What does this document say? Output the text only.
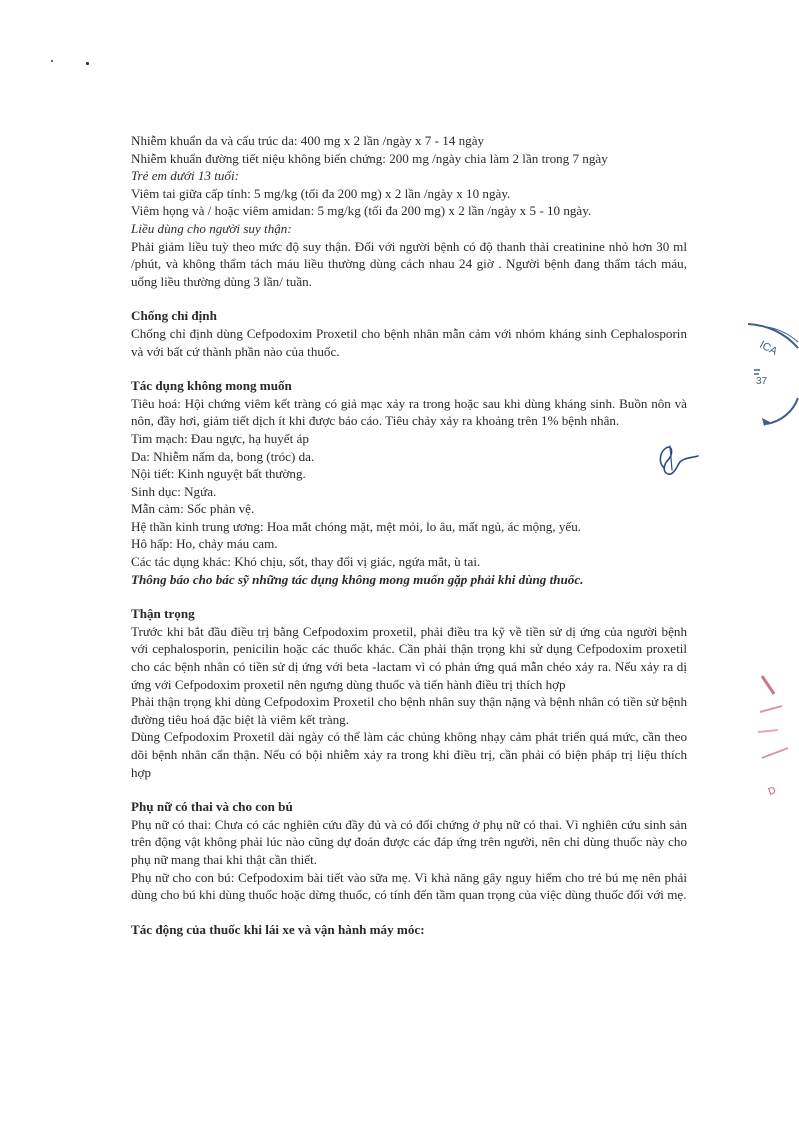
Nhiễm khuẩn da và cấu trúc da: 400 mg x 2 lần /ngày x 7 - 14 ngày

Nhiễm khuẩn đường tiết niệu không biến chứng: 200 mg /ngày chia làm 2 lần trong 7 ngày

Trẻ em dưới 13 tuổi:

Viêm tai giữa cấp tính: 5 mg/kg (tối đa 200 mg) x 2 lần /ngày x 10 ngày.

Viêm họng và / hoặc viêm amidan: 5 mg/kg (tối đa 200 mg) x 2 lần /ngày x 5 - 10 ngày.

Liều dùng cho người suy thận:

Phải giảm liều tuỳ theo mức độ suy thận. Đối với người bệnh có độ thanh thải creatinine nhỏ hơn 30 ml /phút, và không thẩm tách máu liều thường dùng cách nhau 24 giờ . Người bệnh đang thẩm tách máu, uống liều thường dùng 3 lần/ tuần.

Chống chỉ định

Chống chỉ định dùng Cefpodoxim Proxetil cho bệnh nhân mẫn cảm với nhóm kháng sinh Cephalosporin và với bất cứ thành phần nào của thuốc.

Tác dụng không mong muốn

Tiêu hoá: Hội chứng viêm kết tràng có giả mạc xảy ra trong hoặc sau khi dùng kháng sinh. Buồn nôn và nôn, đầy hơi, giảm tiết dịch ít khi được báo cáo. Tiêu chảy xảy ra khoảng trên 1% bệnh nhân.

Tim mạch: Đau ngực, hạ huyết áp

Da: Nhiễm nấm da, bong (tróc) da.

Nội tiết: Kinh nguyệt bất thường.

Sinh dục: Ngứa.

Mẫn cảm: Sốc phản vệ.

Hệ thần kinh trung ương: Hoa mắt chóng mặt, mệt mỏi, lo âu, mất ngủ, ác mộng, yếu.

Hô hấp: Ho, chảy máu cam.

Các tác dụng khác: Khó chịu, sốt, thay đổi vị giác, ngứa mắt, ù tai.

Thông báo cho bác sỹ những tác dụng không mong muốn gặp phải khi dùng thuốc.

Thận trọng

Trước khi bắt đầu điều trị bằng Cefpodoxim proxetil, phải điều tra kỹ về tiền sử dị ứng của người bệnh với cephalosporin, penicilin hoặc các thuốc khác. Cần phải thận trọng khi sử dụng Cefpodoxim proxetil cho các bệnh nhân có tiền sử dị ứng với beta -lactam vì có phản ứng quá mẫn chéo xảy ra. Nếu xảy ra dị ứng với Cefpodoxim proxetil nên ngưng dùng thuốc và tiến hành điều trị thích hợp

Phải thận trọng khi dùng Cefpodoxim Proxetil cho bệnh nhân suy thận nặng và bệnh nhân có tiền sử bệnh đường tiêu hoá đặc biệt là viêm kết tràng.

Dùng Cefpodoxim Proxetil dài ngày có thể làm các chủng không nhạy cảm phát triển quá mức, cần theo dõi bệnh nhân cẩn thận. Nếu có bội nhiễm xảy ra trong khi điều trị, cần phải có biện pháp trị liệu thích hợp

Phụ nữ có thai và cho con bú

Phụ nữ có thai: Chưa có các nghiên cứu đầy đủ và có đối chứng ở phụ nữ có thai. Vì nghiên cứu sinh sản trên động vật không phải lúc nào cũng dự đoán được các đáp ứng trên người, nên chỉ dùng thuốc này cho phụ nữ mang thai khi thật cần thiết.

Phụ nữ cho con bú: Cefpodoxim bài tiết vào sữa mẹ. Vì khả năng gây nguy hiểm cho trẻ bú mẹ nên phải dùng cho bú khi dùng thuốc hoặc dừng thuốc, có tính đến tầm quan trọng của việc dùng thuốc đối với mẹ.

Tác động của thuốc khi lái xe và vận hành máy móc:

ICA
37
D
